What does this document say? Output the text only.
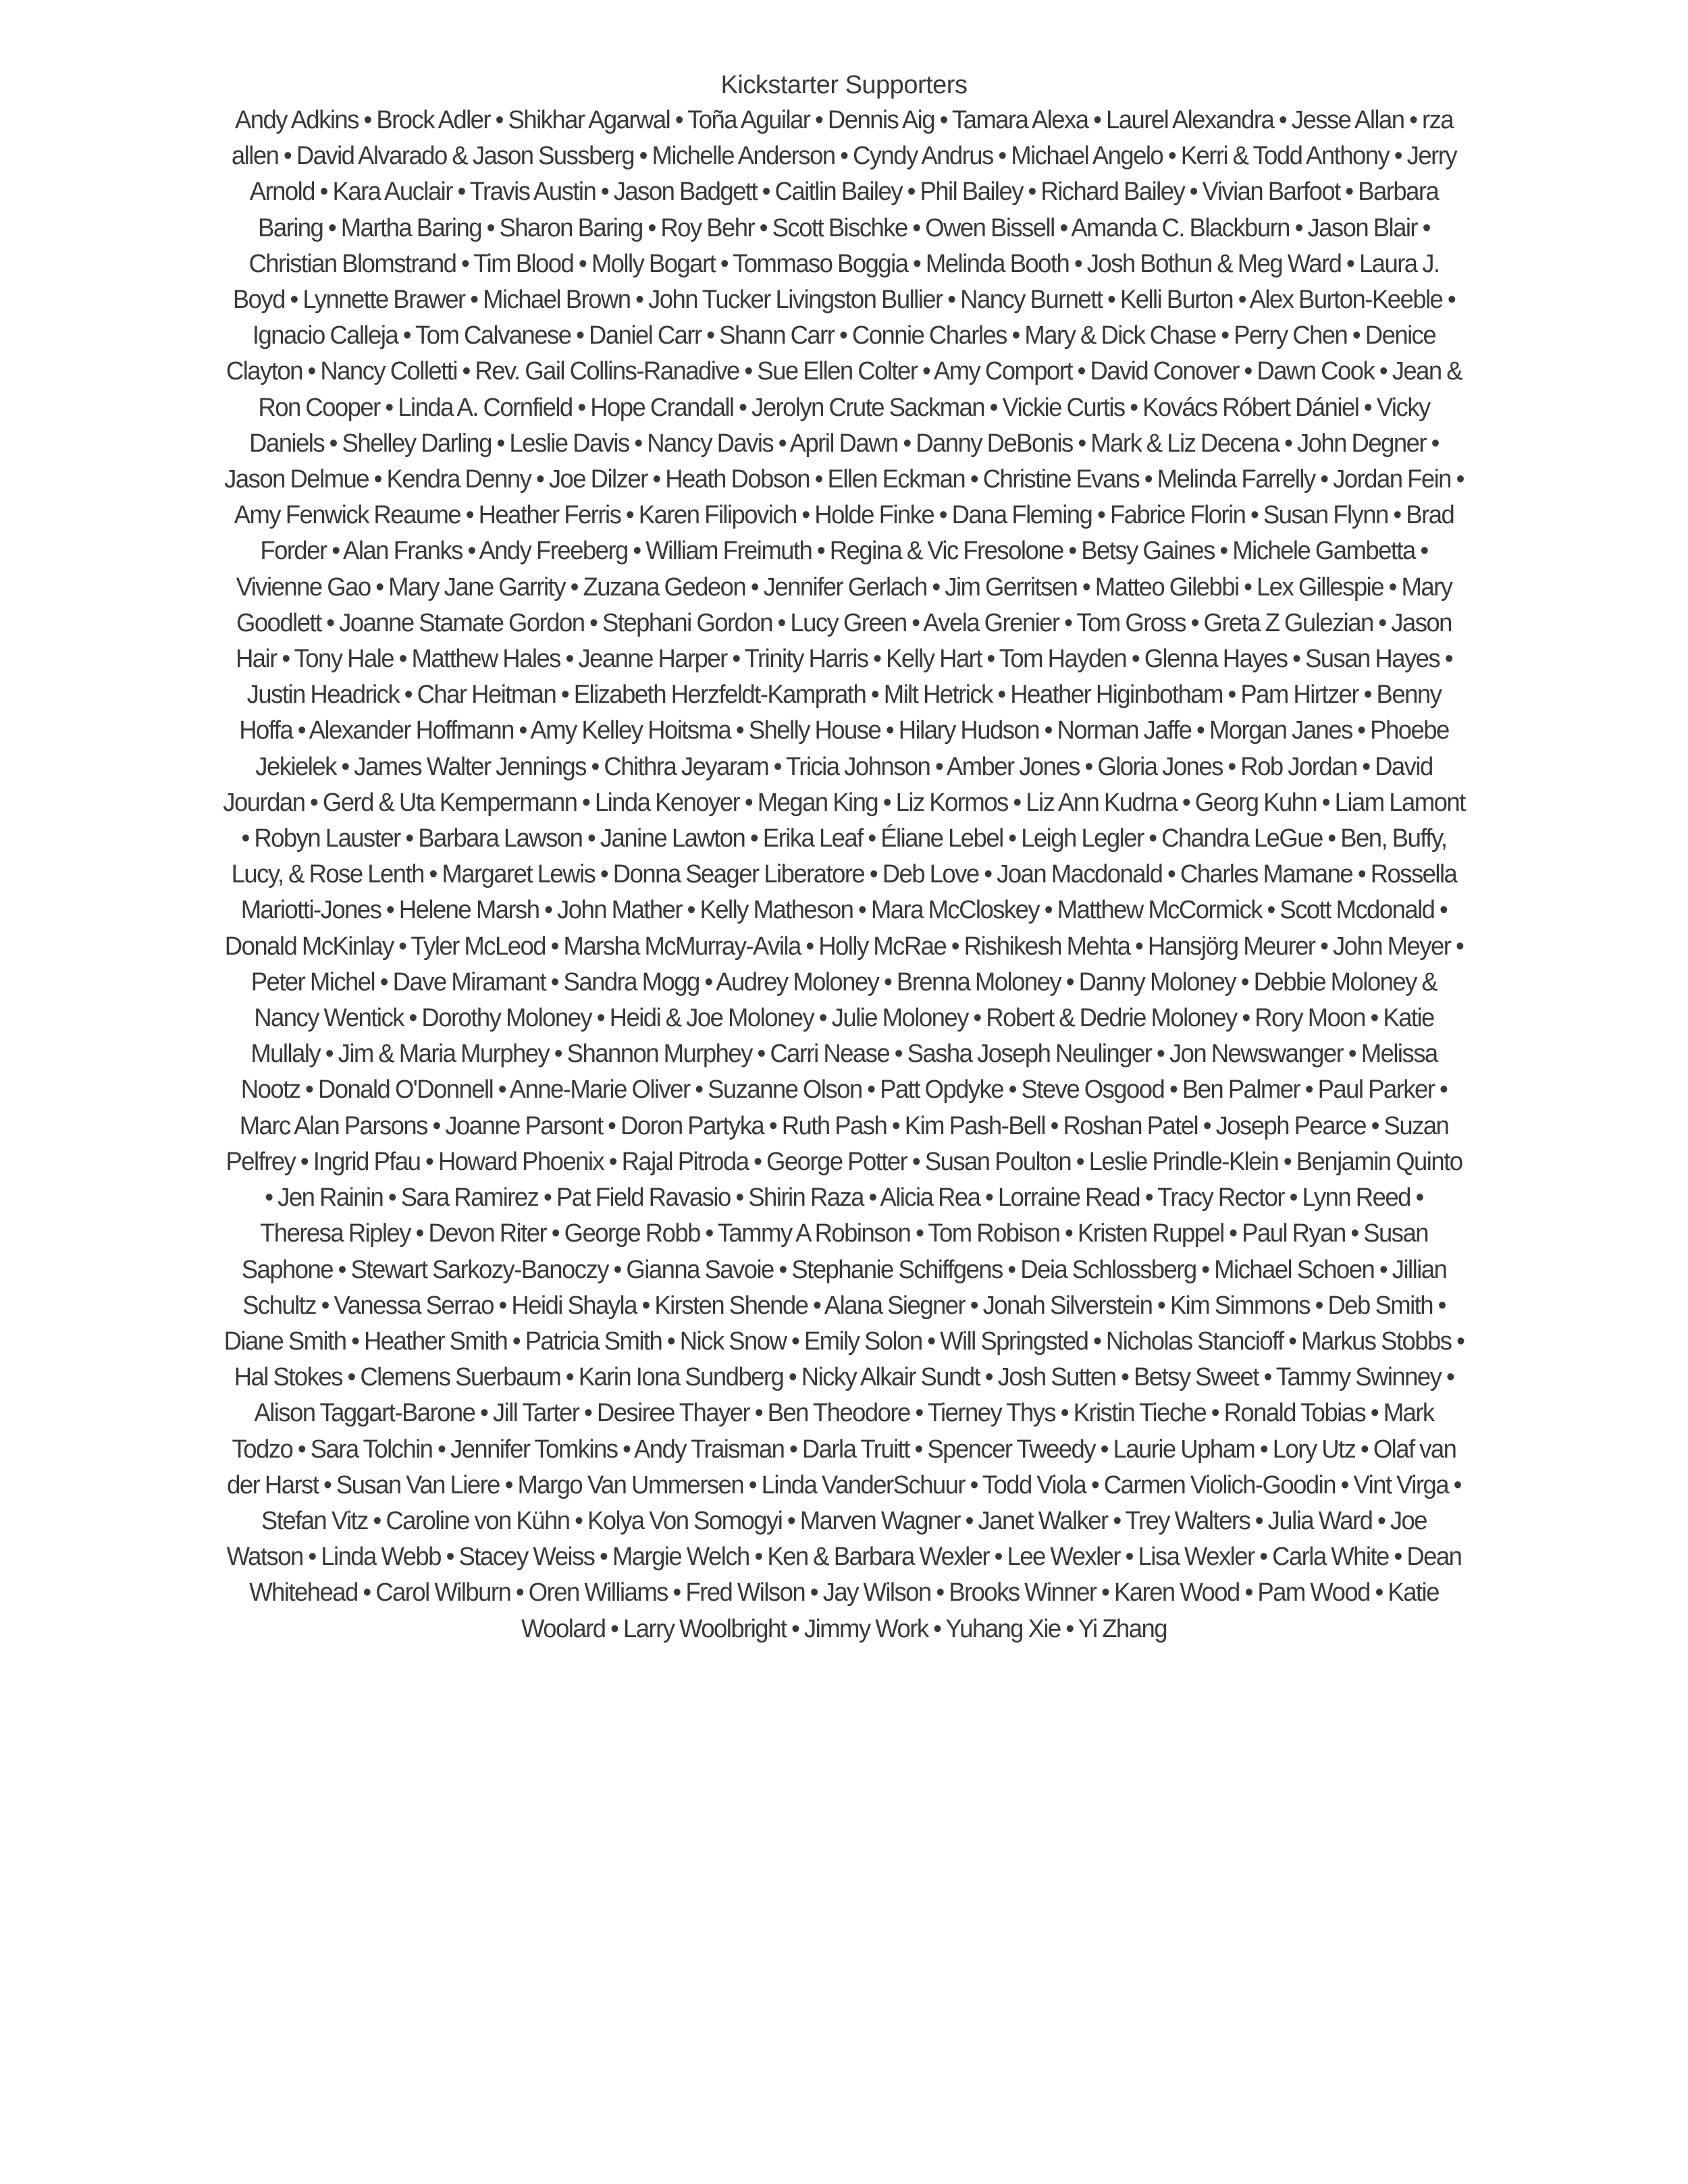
Kickstarter Supporters

Andy Adkins • Brock Adler • Shikhar Agarwal • Toña Aguilar • Dennis Aig • Tamara Alexa • Laurel Alexandra • Jesse Allan • rza allen • David Alvarado & Jason Sussberg • Michelle Anderson • Cyndy Andrus • Michael Angelo • Kerri & Todd Anthony • Jerry Arnold • Kara Auclair • Travis Austin • Jason Badgett • Caitlin Bailey • Phil Bailey • Richard Bailey • Vivian Barfoot • Barbara Baring • Martha Baring • Sharon Baring • Roy Behr • Scott Bischke • Owen Bissell • Amanda C. Blackburn • Jason Blair • Christian Blomstrand • Tim Blood • Molly Bogart • Tommaso Boggia • Melinda Booth • Josh Bothun & Meg Ward • Laura J. Boyd • Lynnette Brawer • Michael Brown • John Tucker Livingston Bullier • Nancy Burnett • Kelli Burton • Alex Burton-Keeble • Ignacio Calleja • Tom Calvanese • Daniel Carr • Shann Carr • Connie Charles • Mary & Dick Chase • Perry Chen • Denice Clayton • Nancy Colletti • Rev. Gail Collins-Ranadive • Sue Ellen Colter • Amy Comport • David Conover • Dawn Cook • Jean & Ron Cooper • Linda A. Cornfield • Hope Crandall • Jerolyn Crute Sackman • Vickie Curtis • Kovács Róbert Dániel • Vicky Daniels • Shelley Darling • Leslie Davis • Nancy Davis • April Dawn • Danny DeBonis • Mark & Liz Decena • John Degner • Jason Delmue • Kendra Denny • Joe Dilzer • Heath Dobson • Ellen Eckman • Christine Evans • Melinda Farrelly • Jordan Fein • Amy Fenwick Reaume • Heather Ferris • Karen Filipovich • Holde Finke • Dana Fleming • Fabrice Florin • Susan Flynn • Brad Forder • Alan Franks • Andy Freeberg • William Freimuth • Regina & Vic Fresolone • Betsy Gaines • Michele Gambetta • Vivienne Gao • Mary Jane Garrity • Zuzana Gedeon • Jennifer Gerlach • Jim Gerritsen • Matteo Gilebbi • Lex Gillespie • Mary Goodlett • Joanne Stamate Gordon • Stephani Gordon • Lucy Green • Avela Grenier • Tom Gross • Greta Z Gulezian • Jason Hair • Tony Hale • Matthew Hales • Jeanne Harper • Trinity Harris • Kelly Hart • Tom Hayden • Glenna Hayes • Susan Hayes • Justin Headrick • Char Heitman • Elizabeth Herzfeldt-Kamprath • Milt Hetrick • Heather Higinbotham • Pam Hirtzer • Benny Hoffa • Alexander Hoffmann • Amy Kelley Hoitsma • Shelly House • Hilary Hudson • Norman Jaffe • Morgan Janes • Phoebe Jekielek • James Walter Jennings • Chithra Jeyaram • Tricia Johnson • Amber Jones • Gloria Jones • Rob Jordan • David Jourdan • Gerd & Uta Kempermann • Linda Kenoyer • Megan King • Liz Kormos • Liz Ann Kudrna • Georg Kuhn • Liam Lamont • Robyn Lauster • Barbara Lawson • Janine Lawton • Erika Leaf • Éliane Lebel • Leigh Legler • Chandra LeGue • Ben, Buffy, Lucy, & Rose Lenth • Margaret Lewis • Donna Seager Liberatore • Deb Love • Joan Macdonald • Charles Mamane • Rossella Mariotti-Jones • Helene Marsh • John Mather • Kelly Matheson • Mara McCloskey • Matthew McCormick • Scott Mcdonald • Donald McKinlay • Tyler McLeod • Marsha McMurray-Avila • Holly McRae • Rishikesh Mehta • Hansjörg Meurer • John Meyer • Peter Michel • Dave Miramant • Sandra Mogg • Audrey Moloney • Brenna Moloney • Danny Moloney • Debbie Moloney & Nancy Wentick • Dorothy Moloney • Heidi & Joe Moloney • Julie Moloney • Robert & Dedrie Moloney • Rory Moon • Katie Mullaly • Jim & Maria Murphey • Shannon Murphey • Carri Nease • Sasha Joseph Neulinger • Jon Newswanger • Melissa Nootz • Donald O'Donnell • Anne-Marie Oliver • Suzanne Olson • Patt Opdyke • Steve Osgood • Ben Palmer • Paul Parker • Marc Alan Parsons • Joanne Parsont • Doron Partyka • Ruth Pash • Kim Pash-Bell • Roshan Patel • Joseph Pearce • Suzan Pelfrey • Ingrid Pfau • Howard Phoenix • Rajal Pitroda • George Potter • Susan Poulton • Leslie Prindle-Klein • Benjamin Quinto • Jen Rainin • Sara Ramirez • Pat Field Ravasio • Shirin Raza • Alicia Rea • Lorraine Read • Tracy Rector • Lynn Reed • Theresa Ripley • Devon Riter • George Robb • Tammy A Robinson • Tom Robison • Kristen Ruppel • Paul Ryan • Susan Saphone • Stewart Sarkozy-Banoczy • Gianna Savoie • Stephanie Schiffgens • Deia Schlossberg • Michael Schoen • Jillian Schultz • Vanessa Serrao • Heidi Shayla • Kirsten Shende • Alana Siegner • Jonah Silverstein • Kim Simmons • Deb Smith • Diane Smith • Heather Smith • Patricia Smith • Nick Snow • Emily Solon • Will Springsted • Nicholas Stancioff • Markus Stobbs • Hal Stokes • Clemens Suerbaum • Karin Iona Sundberg • Nicky Alkair Sundt • Josh Sutten • Betsy Sweet • Tammy Swinney • Alison Taggart-Barone • Jill Tarter • Desiree Thayer • Ben Theodore • Tierney Thys • Kristin Tieche • Ronald Tobias • Mark Todzo • Sara Tolchin • Jennifer Tomkins • Andy Traisman • Darla Truitt • Spencer Tweedy • Laurie Upham • Lory Utz • Olaf van der Harst • Susan Van Liere • Margo Van Ummersen • Linda VanderSchuur • Todd Viola • Carmen Violich-Goodin • Vint Virga • Stefan Vitz • Caroline von Kühn • Kolya Von Somogyi • Marven Wagner • Janet Walker • Trey Walters • Julia Ward • Joe Watson • Linda Webb • Stacey Weiss • Margie Welch • Ken & Barbara Wexler • Lee Wexler • Lisa Wexler • Carla White • Dean Whitehead • Carol Wilburn • Oren Williams • Fred Wilson • Jay Wilson • Brooks Winner • Karen Wood • Pam Wood • Katie Woolard • Larry Woolbright • Jimmy Work • Yuhang Xie • Yi Zhang
